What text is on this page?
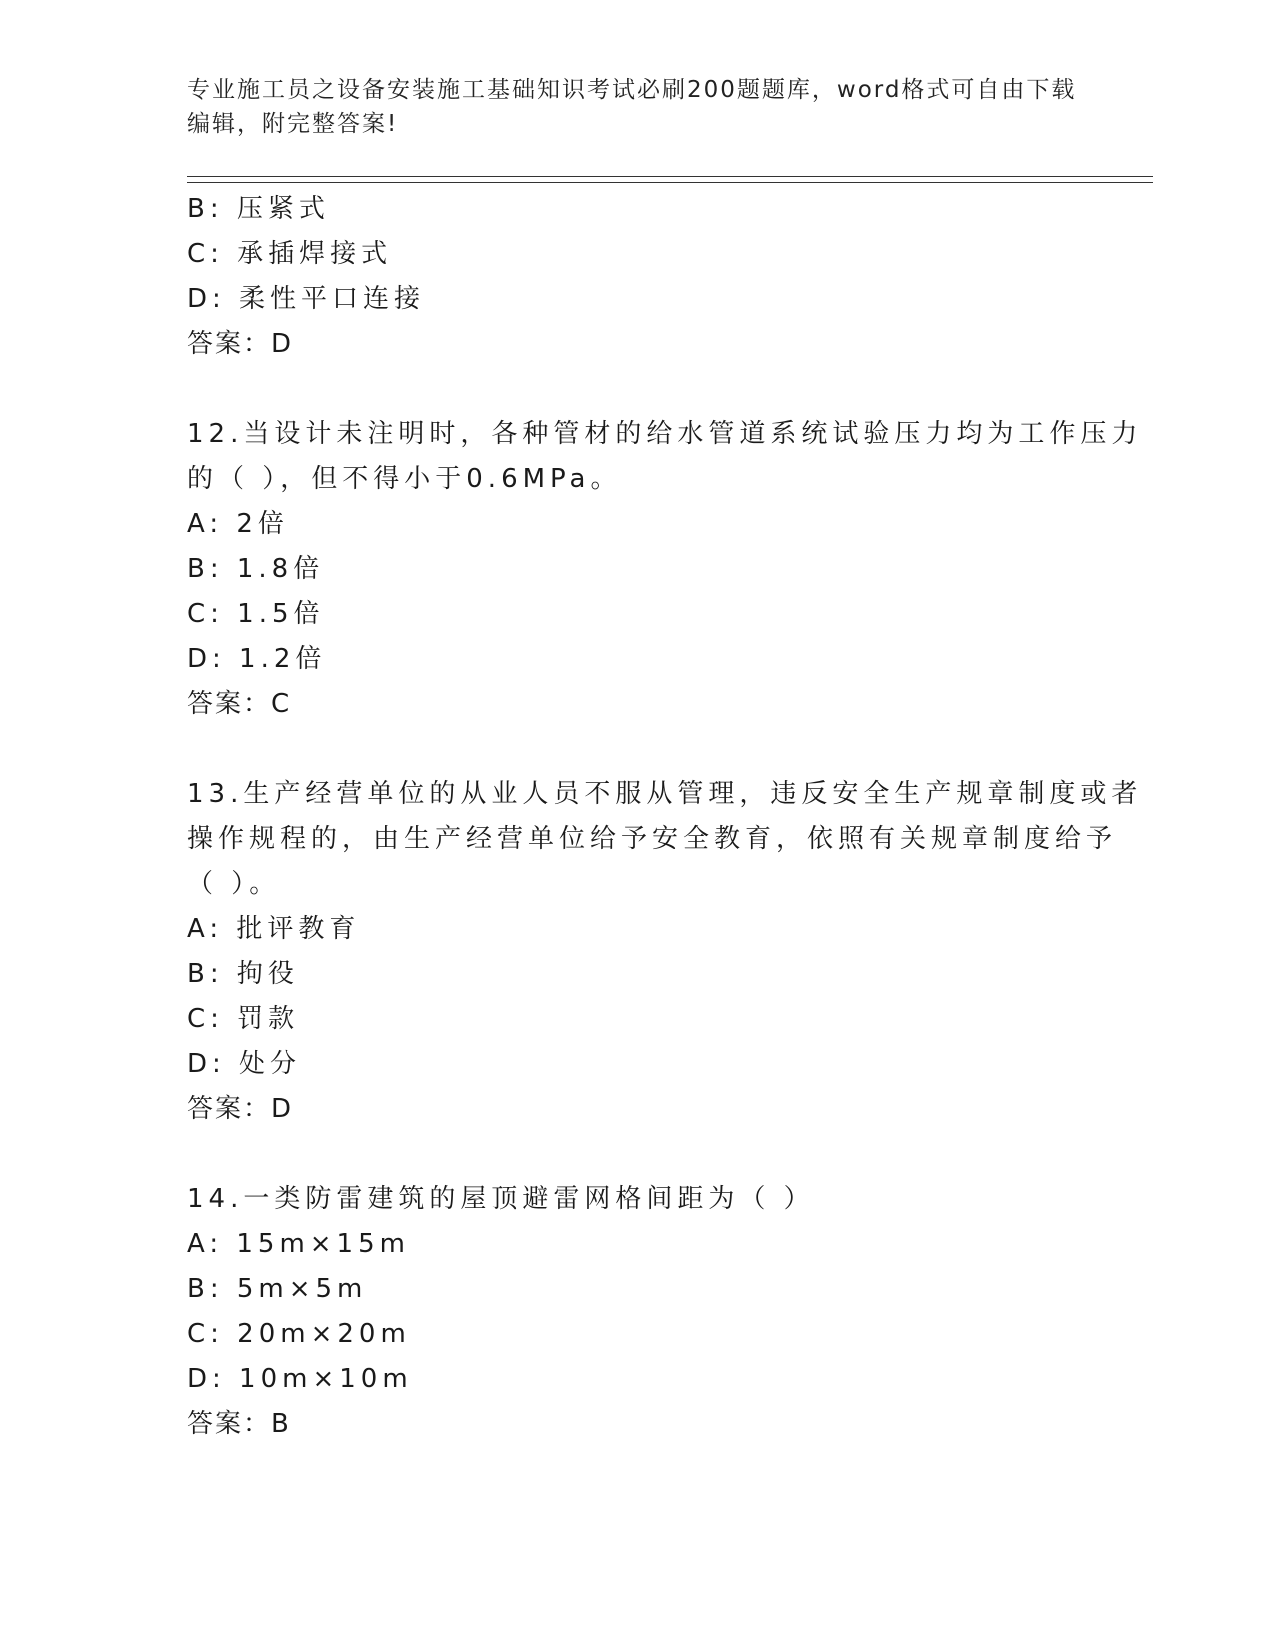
专业施工员之设备安装施工基础知识考试必刷200题题库，word格式可自由下载
编辑，附完整答案!
B: 压紧式
C: 承插焊接式
D: 柔性平口连接
答案：D
12.当设计未注明时，各种管材的给水管道系统试验压力均为工作压力
的（ ），但不得小于0.6MPa。
A: 2倍
B: 1.8倍
C: 1.5倍
D: 1.2倍
答案：C
13.生产经营单位的从业人员不服从管理，违反安全生产规章制度或者
操作规程的，由生产经营单位给予安全教育，依照有关规章制度给予
（ ）。
A: 批评教育
B: 拘役
C: 罚款
D: 处分
答案：D
14.一类防雷建筑的屋顶避雷网格间距为（ ）
A: 15m×15m
B: 5m×5m
C: 20m×20m
D: 10m×10m
答案：B
